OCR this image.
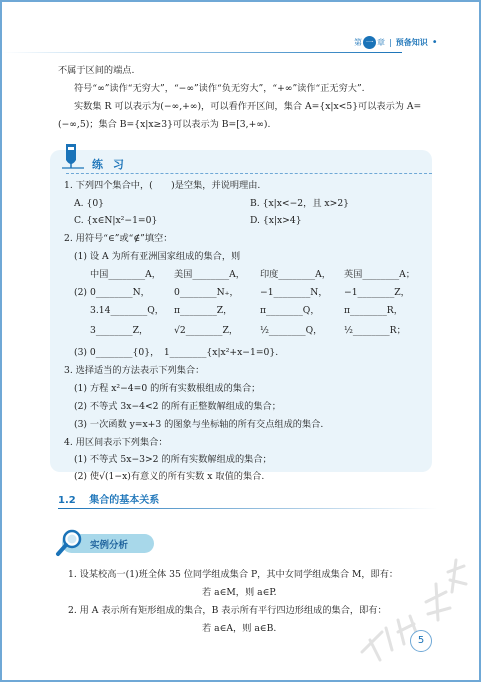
第 一 章 | 预备知识 •
不属于区间的端点.
符号“∞”读作“无穷大”，“−∞”读作“负无穷大”，“+∞”读作“正无穷大”.
实数集 R 可以表示为(−∞,+∞)，可以看作开区间，集合 A={x|x<5}可以表示为 A=
(−∞,5)；集合 B={x|x≥3}可以表示为 B=[3,+∞).
练 习
1. 下列四个集合中，(　　)是空集，并说明理由.
A. {0}	B. {x|x<−2，且 x>2}
C. {x∈N|x²−1=0}	D. {x|x>4}
2. 用符号“∈”或“∉”填空：
(1) 设 A 为所有亚洲国家组成的集合，则
中国________A， 美国________A， 印度________A， 英国________A；
(2) 0________N，	0________N₊， −1________N， −1________Z，
3.14________Q， π________Z，	π________Q，	π________R，
3________Z，	√2________Z， ½________Q， ½________R；
(3) 0________{0}，　1________{x|x²+x−1=0}.
3. 选择适当的方法表示下列集合：
(1) 方程 x²−4=0 的所有实数根组成的集合；
(2) 不等式 3x−4<2 的所有正整数解组成的集合；
(3) 一次函数 y=x+3 的图象与坐标轴的所有交点组成的集合.
4. 用区间表示下列集合：
(1) 不等式 5x−3>2 的所有实数解组成的集合；
(2) 使√(1−x)有意义的所有实数 x 取值的集合.
1.2 集合的基本关系
实例分析
1. 设某校高一(1)班全体 35 位同学组成集合 P，其中女同学组成集合 M，即有：
若 a∈M，则 a∈P.
2. 用 A 表示所有矩形组成的集合，B 表示所有平行四边形组成的集合，即有：
若 a∈A，则 a∈B.
5
